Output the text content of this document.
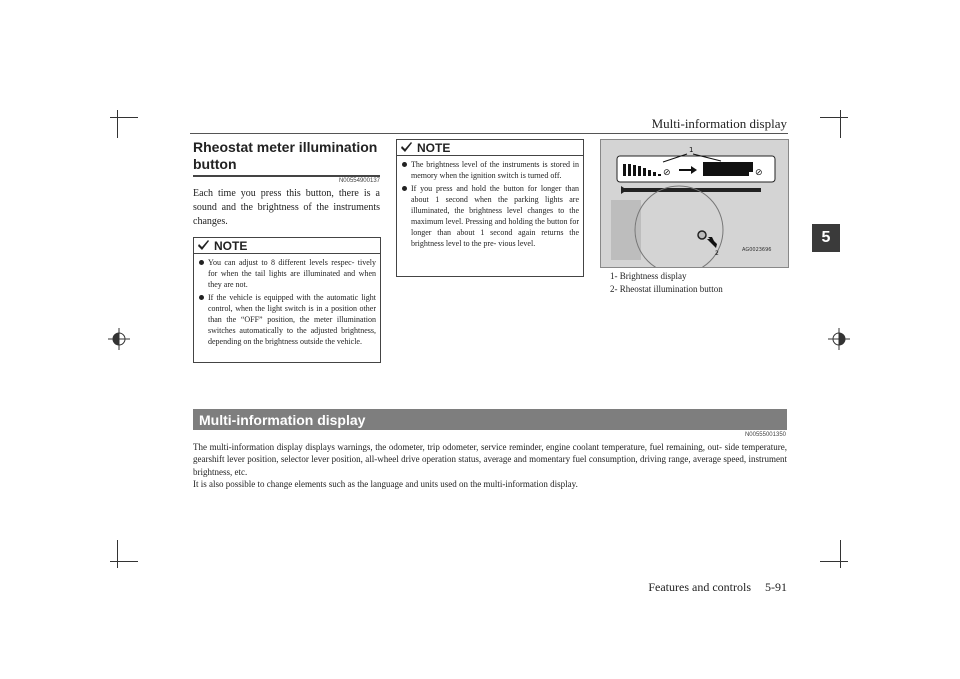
Multi-information display
5
Rheostat meter illumination button
N00554900137
Each time you press this button, there is a sound and the brightness of the instruments changes.
NOTE
You can adjust to 8 different levels respec- tively for when the tail lights are illuminated and when they are not.
If the vehicle is equipped with the automatic light control, when the light switch is in a position other than the “OFF” position, the meter illumination switches automatically to the adjusted brightness, depending on the brightness outside the vehicle.
NOTE
The brightness level of the instruments is stored in memory when the ignition switch is turned off.
If you press and hold the button for longer than about 1 second when the parking lights are illuminated, the brightness level changes to the maximum level. Pressing and holding the button for longer than about 1 second again returns the brightness level to the pre- vious level.
⊘	⊘
1
2	AG0023696
1- Brightness display
2- Rheostat illumination button
Multi-information display
N00555001350
The multi-information display displays warnings, the odometer, trip odometer, service reminder, engine coolant temperature, fuel remaining, out- side temperature, gearshift lever position, selector lever position, all-wheel drive operation status, average and momentary fuel consumption, driving range, average speed, instrument brightness, etc.
It is also possible to change elements such as the language and units used on the multi-information display.
Features and controls 5-91
